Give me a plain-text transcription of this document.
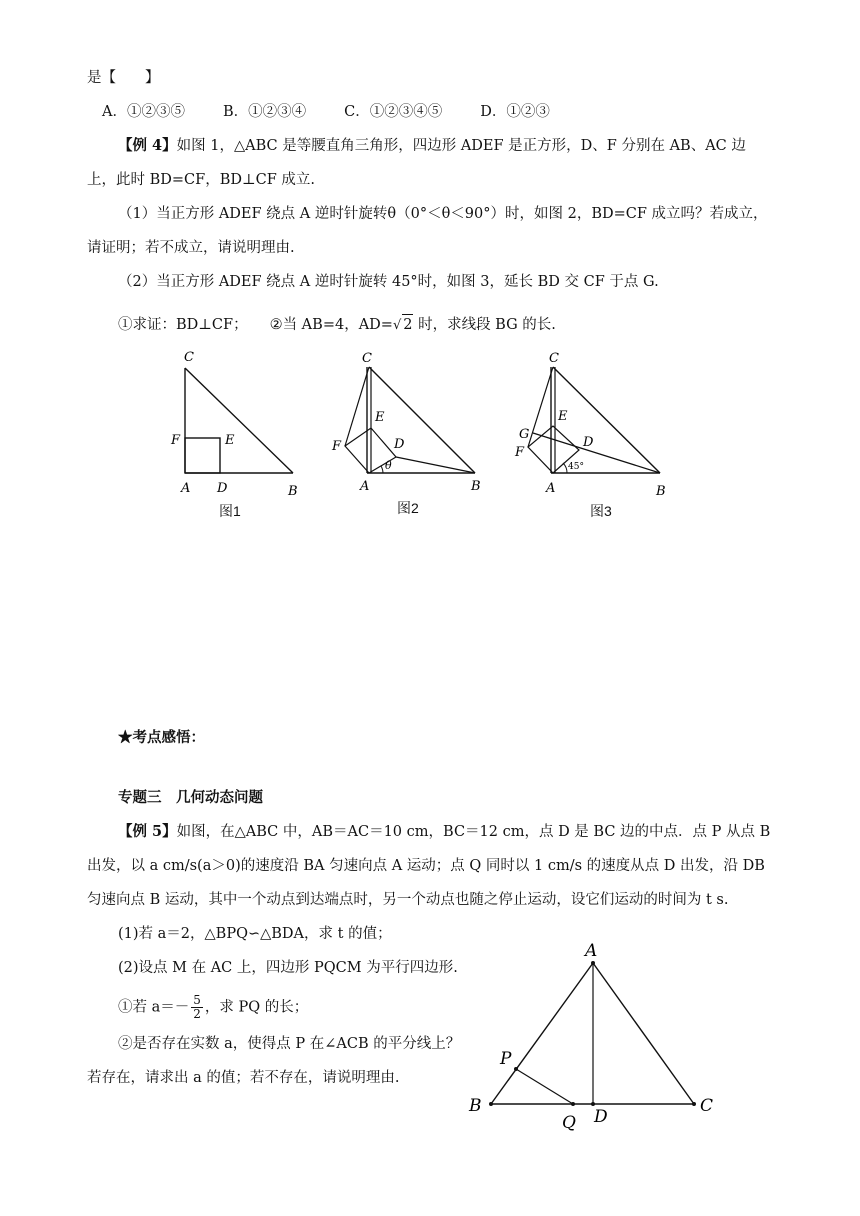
是【　　】
A．①②③⑤	B．①②③④	C．①②③④⑤	D．①②③
【例 4】如图 1，△ABC 是等腰直角三角形，四边形 ADEF 是正方形，D、F 分别在 AB、AC 边
上，此时 BD=CF，BD⊥CF 成立.
（1）当正方形 ADEF 绕点 A 逆时针旋转θ（0°＜θ＜90°）时，如图 2，BD=CF 成立吗？若成立，
请证明；若不成立，请说明理由.
（2）当正方形 ADEF 绕点 A 逆时针旋转 45°时，如图 3，延长 BD 交 CF 于点 G.
①求证：BD⊥CF； ②当 AB=4，AD=√ 2 时，求线段 BG 的长.
C
F	E
A D	B
图1
C
E
D
F
θ
A	B
图2
C
E
G
D
F
45°
A	B
图3
★考点感悟：
专题三　几何动态问题
【例 5】如图，在△ABC 中，AB＝AC＝10 cm，BC＝12 cm，点 D 是 BC 边的中点．点 P 从点 B
出发，以 a cm/s(a＞0)的速度沿 BA 匀速向点 A 运动；点 Q 同时以 1 cm/s 的速度从点 D 出发，沿 DB
匀速向点 B 运动，其中一个动点到达端点时，另一个动点也随之停止运动，设它们运动的时间为 t s.
(1)若 a＝2，△BPQ∽△BDA，求 t 的值；
(2)设点 M 在 AC 上，四边形 PQCM 为平行四边形.
①若 $a=- \frac{5}{2}$ ，求 PQ 的长；
②是否存在实数 a，使得点 P 在∠ACB 的平分线上？
若存在，请求出 a 的值；若不存在，请说明理由.
A
P
B
D
C
Q
